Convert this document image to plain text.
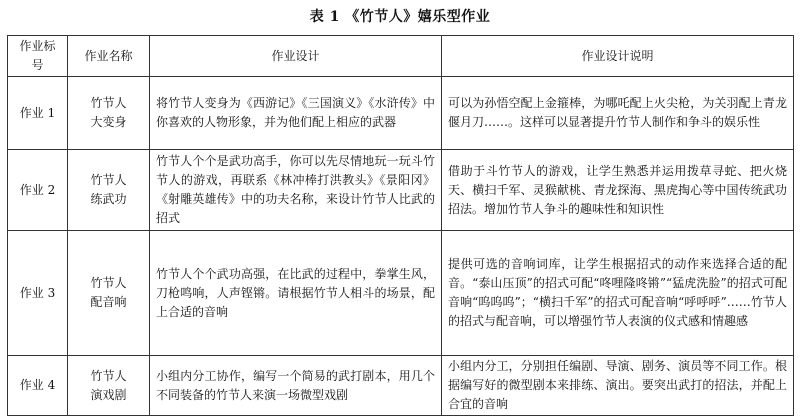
表 1 《竹节人》嬉乐型作业
作业标号	作业名称	作业设计	作业设计说明
作业 1	竹节人大变身	将竹节人变身为《西游记》《三国演义》《水浒传》中你喜欢的人物形象，并为他们配上相应的武器	可以为孙悟空配上金箍棒，为哪吒配上火尖枪，为关羽配上青龙偃月刀……。这样可以显著提升竹节人制作和争斗的娱乐性
作业 2	竹节人练武功	竹节人个个是武功高手，你可以先尽情地玩一玩斗竹节人的游戏，再联系《林冲棒打洪教头》《景阳冈》《射雕英雄传》中的功夫名称，来设计竹节人比武的招式	借助于斗竹节人的游戏，让学生熟悉并运用拨草寻蛇、把火烧天、横扫千军、灵猴献桃、青龙探海、黑虎掏心等中国传统武功招法。增加竹节人争斗的趣味性和知识性
作业 3	竹节人配音响	竹节人个个武功高强，在比武的过程中，拳掌生风，刀枪鸣响，人声铿锵。请根据竹节人相斗的场景，配上合适的音响	提供可选的音响词库，让学生根据招式的动作来选择合适的配音。“泰山压顶”的招式可配“咚哩隆咚锵”“猛虎洗脸”的招式可配音响“呜呜呜”；“横扫千军”的招式可配音响“呼呼呼”……竹节人的招式与配音响，可以增强竹节人表演的仪式感和情趣感
作业 4	竹节人演戏剧	小组内分工协作，编写一个简易的武打剧本，用几个不同装备的竹节人来演一场微型戏剧	小组内分工，分别担任编剧、导演、剧务、演员等不同工作。根据编写好的微型剧本来排练、演出。要突出武打的招法，并配上合宜的音响
